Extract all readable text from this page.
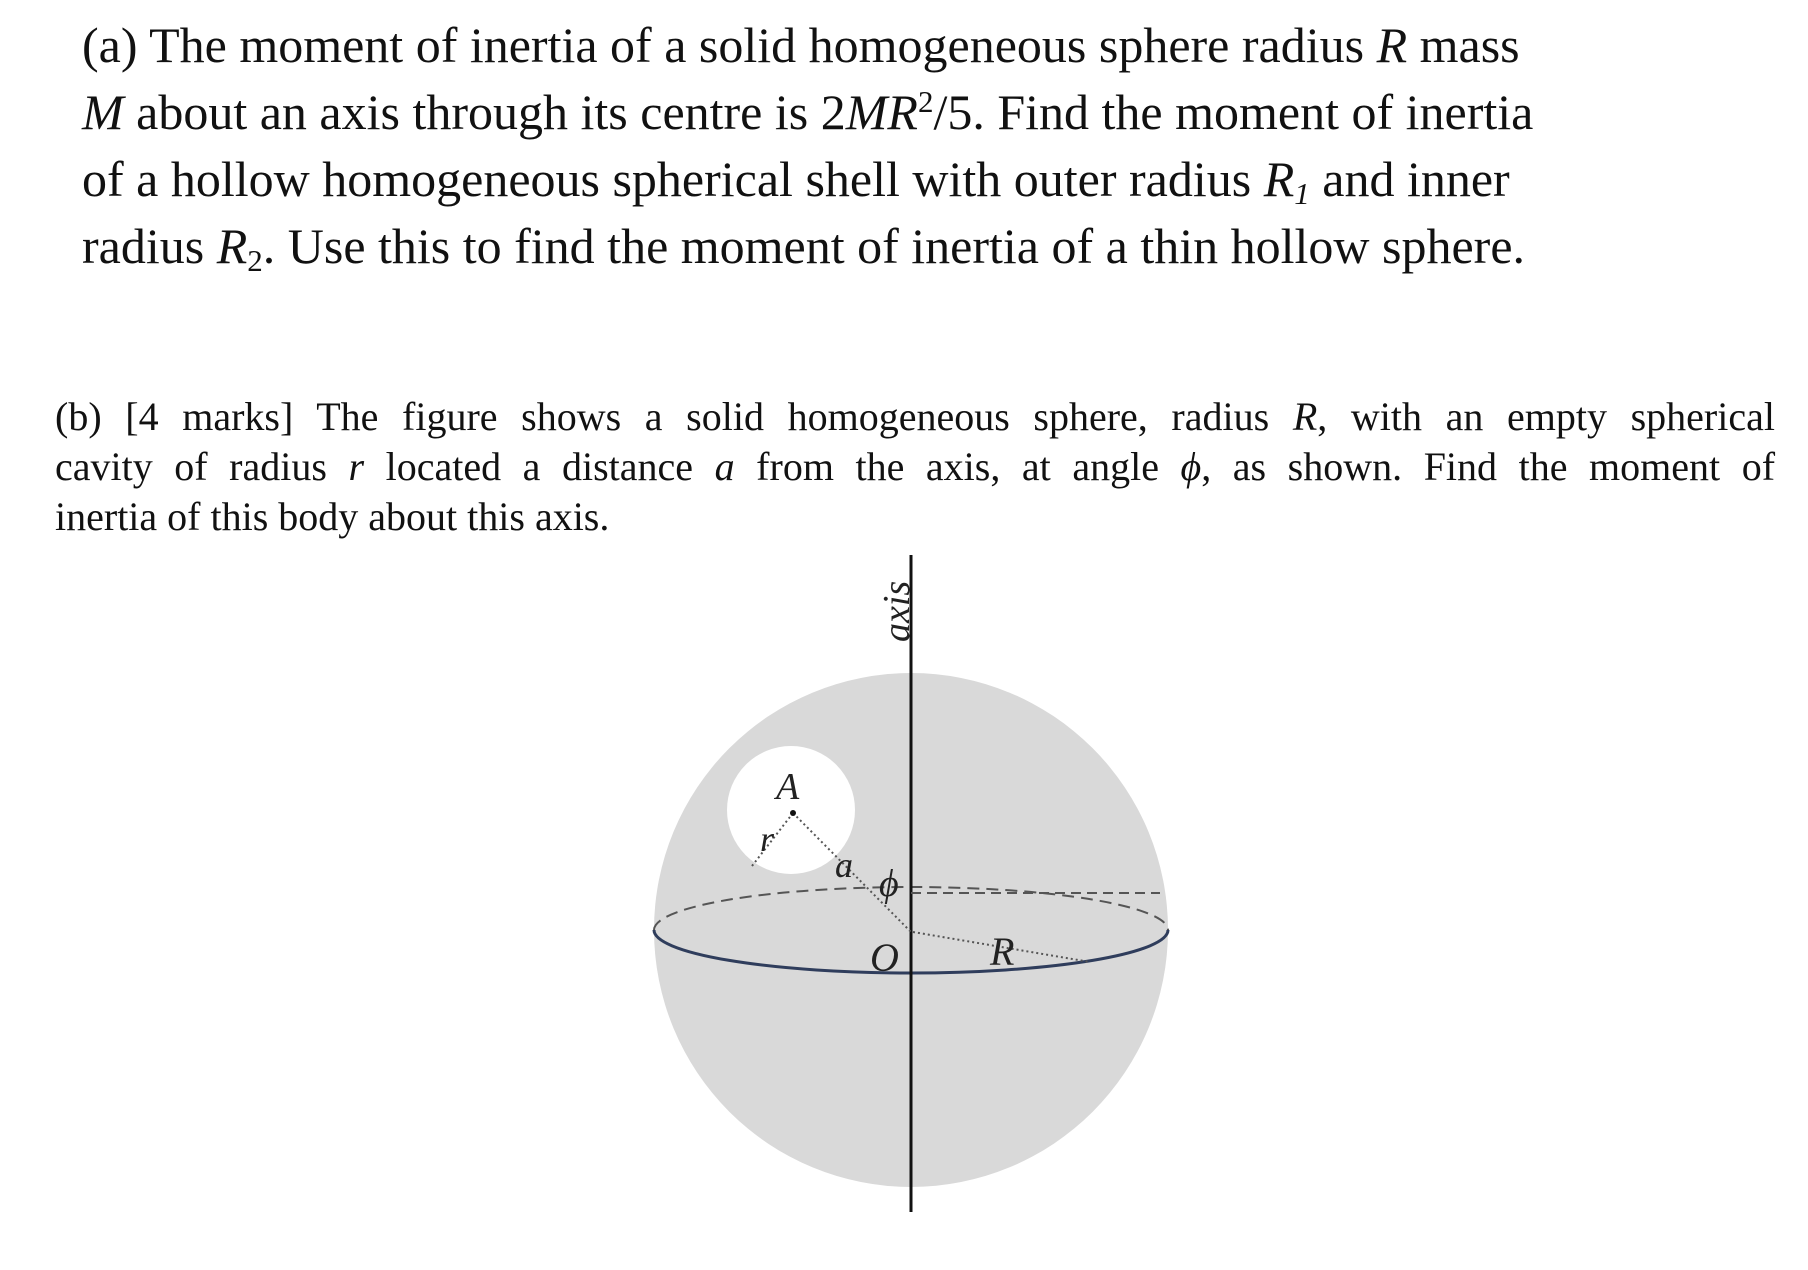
(a) The moment of inertia of a solid homogeneous sphere radius R mass
M about an axis through its centre is $2MR^2/5$. Find the moment of inertia
of a hollow homogeneous spherical shell with outer radius $R_1$ and inner
radius $R_2$. Use this to find the moment of inertia of a thin hollow sphere.

(b) [4 marks] The figure shows a solid homogeneous sphere, radius R, with an empty spherical
cavity of radius r located a distance a from the axis, at angle ϕ, as shown. Find the moment of
inertia of this body about this axis.

axis
A
r
a ϕ
O R
